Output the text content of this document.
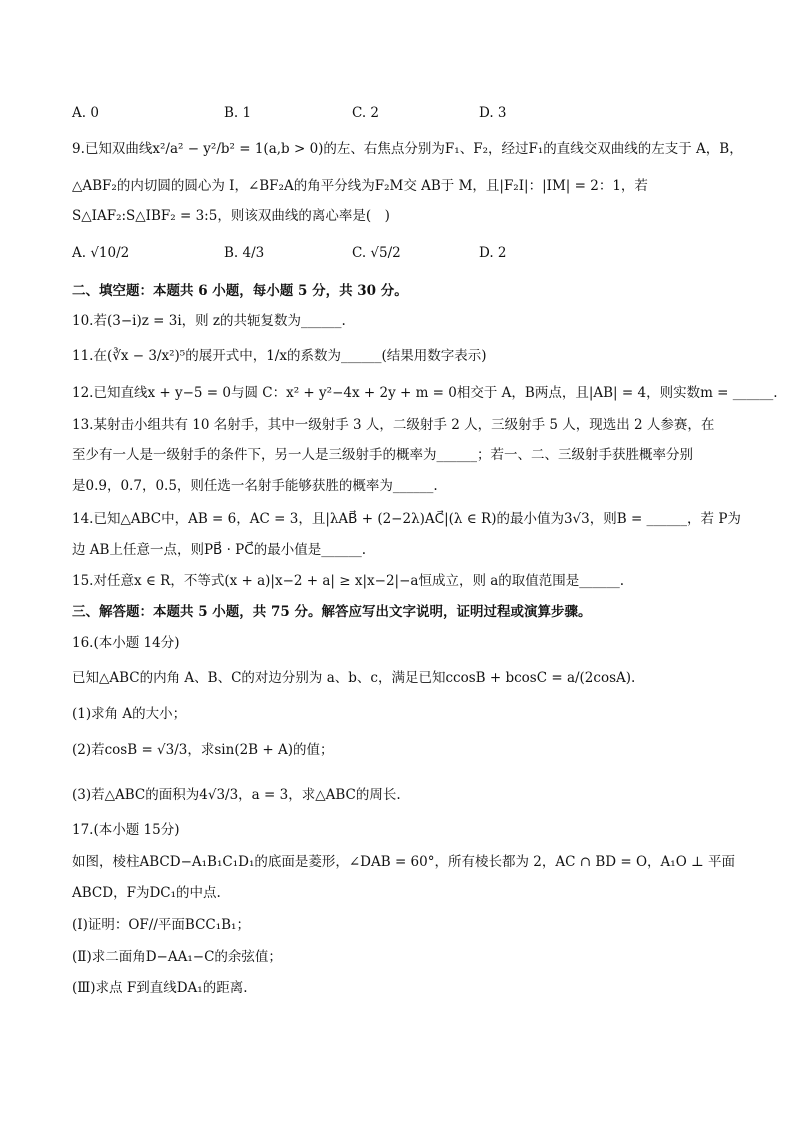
A. 0	B. 1	C. 2	D. 3
9.已知双曲线x²/a² − y²/b² = 1(a,b > 0)的左、右焦点分别为F₁、F₂，经过F₁的直线交双曲线的左支于 A，B，
△ABF₂的内切圆的圆心为 I，∠BF₂A的角平分线为F₂M交 AB于 M，且|F₂I|：|IM| = 2：1，若
S△IAF₂:S△IBF₂ = 3:5，则该双曲线的离心率是(　)
A. √10/2	B. 4/3	C. √5/2	D. 2
二、填空题：本题共 6 小题，每小题 5 分，共 30 分。
10.若(3−i)z = 3i，则 z的共轭复数为______.
11.在(∛x − 3/x²)⁵的展开式中，1/x的系数为______(结果用数字表示)
12.已知直线x + y−5 = 0与圆 C：x² + y²−4x + 2y + m = 0相交于 A，B两点，且|AB| = 4，则实数m = ______.
13.某射击小组共有 10 名射手，其中一级射手 3 人，二级射手 2 人，三级射手 5 人，现选出 2 人参赛，在
至少有一人是一级射手的条件下，另一人是三级射手的概率为______；若一、二、三级射手获胜概率分别
是0.9，0.7，0.5，则任选一名射手能够获胜的概率为______.
14.已知△ABC中，AB = 6，AC = 3，且|λAB⃗ + (2−2λ)AC⃗|(λ ∈ R)的最小值为3√3，则B = ______，若 P为
边 AB上任意一点，则PB⃗ · PC⃗的最小值是______.
15.对任意x ∈ R，不等式(x + a)|x−2 + a| ≥ x|x−2|−a恒成立，则 a的取值范围是______.
三、解答题：本题共 5 小题，共 75 分。解答应写出文字说明，证明过程或演算步骤。
16.(本小题 14分)
已知△ABC的内角 A、B、C的对边分别为 a、b、c，满足已知ccosB + bcosC = a/(2cosA).
(1)求角 A的大小；
(2)若cosB = √3/3，求sin(2B + A)的值；
(3)若△ABC的面积为4√3/3，a = 3，求△ABC的周长.
17.(本小题 15分)
如图，棱柱ABCD−A₁B₁C₁D₁的底面是菱形，∠DAB = 60°，所有棱长都为 2，AC ∩ BD = O，A₁O ⊥ 平面
ABCD，F为DC₁的中点.
(Ⅰ)证明：OF//平面BCC₁B₁；
(Ⅱ)求二面角D−AA₁−C的余弦值；
(Ⅲ)求点 F到直线DA₁的距离.
